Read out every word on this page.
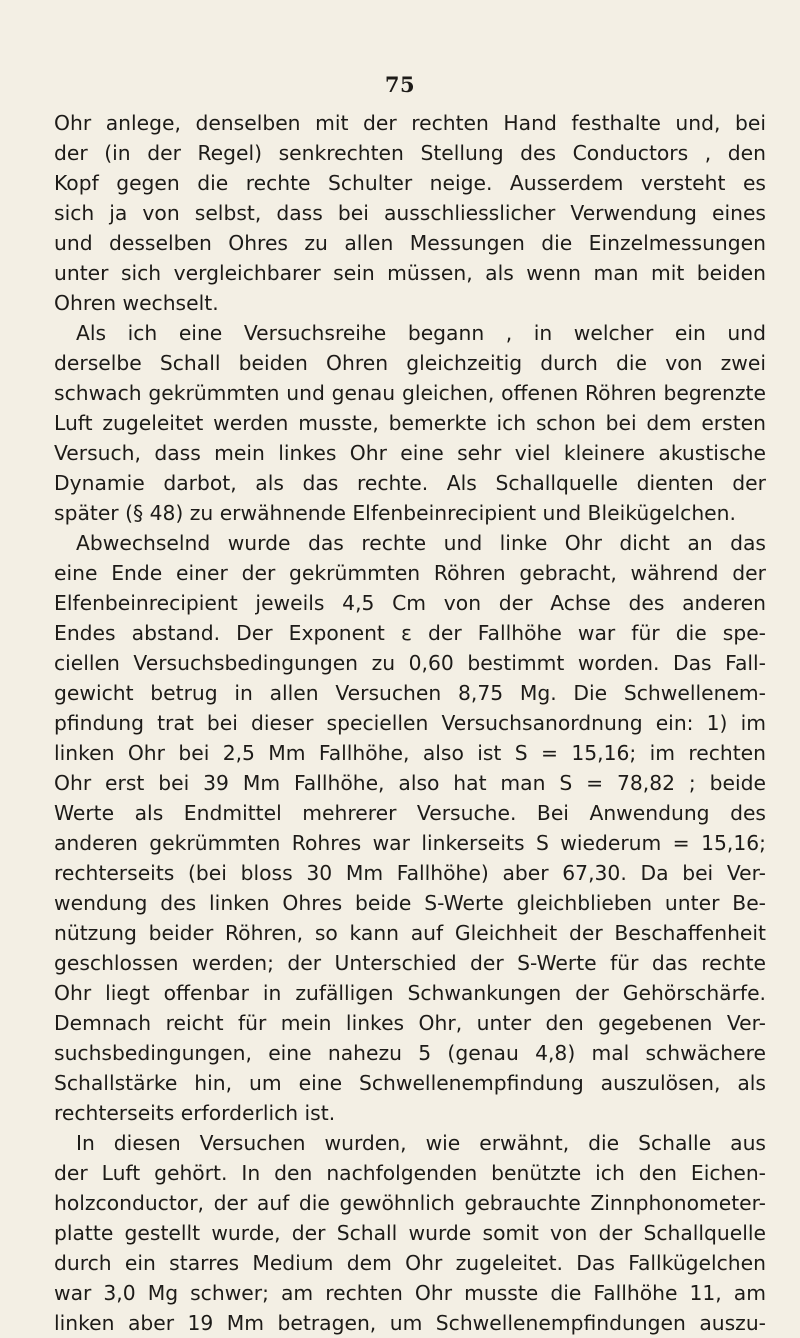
75
Ohr anlege, denselben mit der rechten Hand festhalte und, bei
der (in der Regel) senkrechten Stellung des Conductors , den
Kopf gegen die rechte Schulter neige. Ausserdem versteht es
sich ja von selbst, dass bei ausschliesslicher Verwendung eines
und desselben Ohres zu allen Messungen die Einzelmessungen
unter sich vergleichbarer sein müssen, als wenn man mit beiden
Ohren wechselt.
Als ich eine Versuchsreihe begann , in welcher ein und
derselbe Schall beiden Ohren gleichzeitig durch die von zwei
schwach gekrümmten und genau gleichen, offenen Röhren begrenzte
Luft zugeleitet werden musste, bemerkte ich schon bei dem ersten
Versuch, dass mein linkes Ohr eine sehr viel kleinere akustische
Dynamie darbot, als das rechte. Als Schallquelle dienten der
später (§ 48) zu erwähnende Elfenbeinrecipient und Bleikügelchen.
Abwechselnd wurde das rechte und linke Ohr dicht an das
eine Ende einer der gekrümmten Röhren gebracht, während der
Elfenbeinrecipient jeweils 4,5 Cm von der Achse des anderen
Endes abstand. Der Exponent ε der Fallhöhe war für die spe-
ciellen Versuchsbedingungen zu 0,60 bestimmt worden. Das Fall-
gewicht betrug in allen Versuchen 8,75 Mg. Die Schwellenem-
pfindung trat bei dieser speciellen Versuchsanordnung ein: 1) im
linken Ohr bei 2,5 Mm Fallhöhe, also ist S = 15,16; im rechten
Ohr erst bei 39 Mm Fallhöhe, also hat man S = 78,82 ; beide
Werte als Endmittel mehrerer Versuche. Bei Anwendung des
anderen gekrümmten Rohres war linkerseits S wiederum = 15,16;
rechterseits (bei bloss 30 Mm Fallhöhe) aber 67,30. Da bei Ver-
wendung des linken Ohres beide S-Werte gleichblieben unter Be-
nützung beider Röhren, so kann auf Gleichheit der Beschaffenheit
geschlossen werden; der Unterschied der S-Werte für das rechte
Ohr liegt offenbar in zufälligen Schwankungen der Gehörschärfe.
Demnach reicht für mein linkes Ohr, unter den gegebenen Ver-
suchsbedingungen, eine nahezu 5 (genau 4,8) mal schwächere
Schallstärke hin, um eine Schwellenempfindung auszulösen, als
rechterseits erforderlich ist.
In diesen Versuchen wurden, wie erwähnt, die Schalle aus
der Luft gehört. In den nachfolgenden benützte ich den Eichen-
holzconductor, der auf die gewöhnlich gebrauchte Zinnphonometer-
platte gestellt wurde, der Schall wurde somit von der Schallquelle
durch ein starres Medium dem Ohr zugeleitet. Das Fallkügelchen
war 3,0 Mg schwer; am rechten Ohr musste die Fallhöhe 11, am
linken aber 19 Mm betragen, um Schwellenempfindungen auszu-
